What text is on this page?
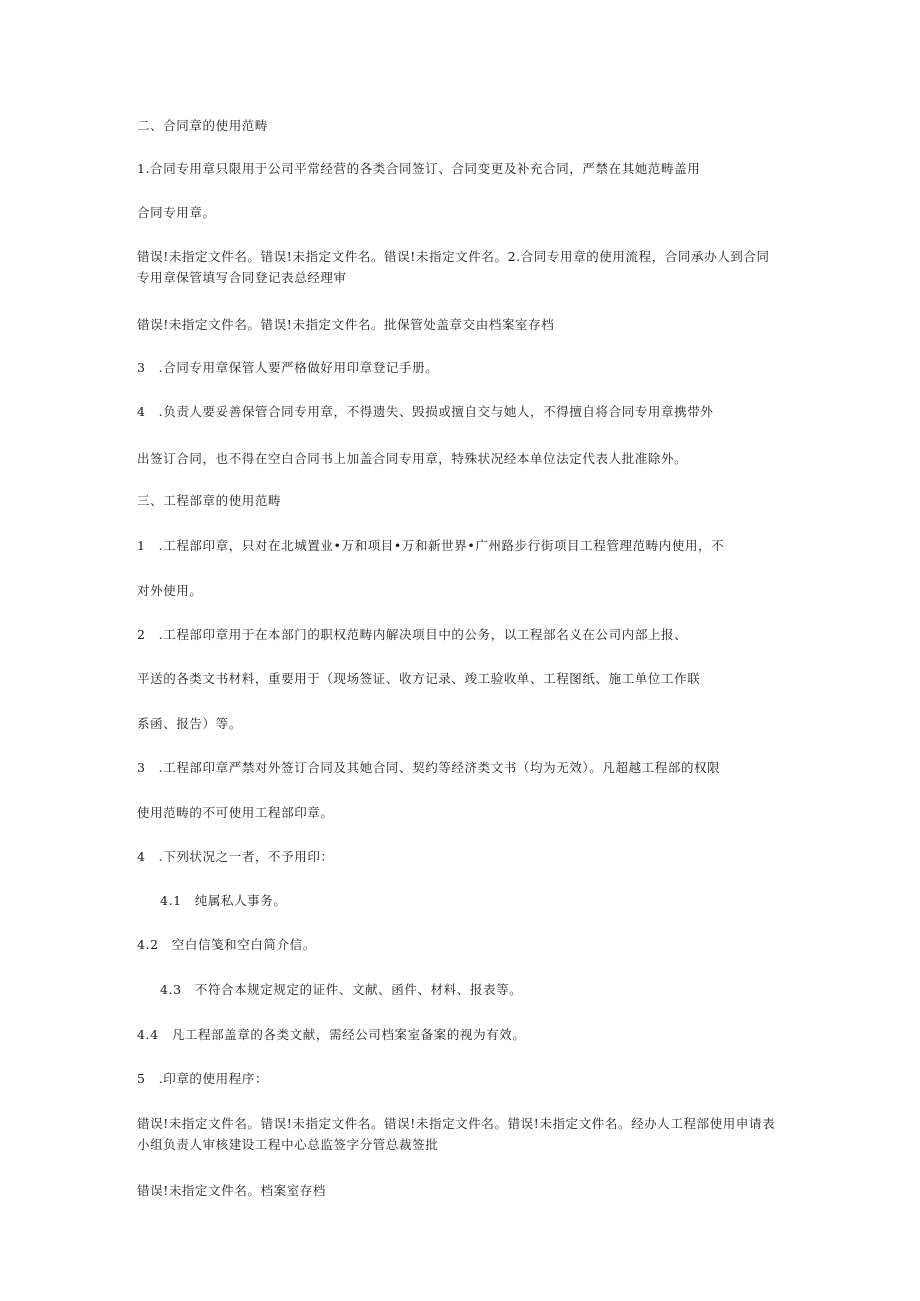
二、合同章的使用范畴
1.合同专用章只限用于公司平常经营的各类合同签订、合同变更及补充合同，严禁在其她范畴盖用
合同专用章。
错误!未指定文件名。错误!未指定文件名。错误!未指定文件名。2.合同专用章的使用流程，合同承办人到合同专用章保管填写合同登记表总经理审
错误!未指定文件名。错误!未指定文件名。批保管处盖章交由档案室存档
3　.合同专用章保管人要严格做好用印章登记手册。
4　.负责人要妥善保管合同专用章，不得遗失、毁损或擅自交与她人，不得擅自将合同专用章携带外
出签订合同，也不得在空白合同书上加盖合同专用章，特殊状况经本单位法定代表人批准除外。
三、工程部章的使用范畴
1　.工程部印章，只对在北城置业•万和项目•万和新世界•广州路步行街项目工程管理范畴内使用，不
对外使用。
2　.工程部印章用于在本部门的职权范畴内解决项目中的公务，以工程部名义在公司内部上报、
平送的各类文书材料，重要用于（现场签证、收方记录、竣工验收单、工程图纸、施工单位工作联
系函、报告）等。
3　.工程部印章严禁对外签订合同及其她合同、契约等经济类文书（均为无效）。凡超越工程部的权限
使用范畴的不可使用工程部印章。
4　.下列状况之一者，不予用印：
4.1　纯属私人事务。
4.2　空白信笺和空白简介信。
4.3　不符合本规定规定的证件、文献、函件、材料、报表等。
4.4　凡工程部盖章的各类文献，需经公司档案室备案的视为有效。
5　.印章的使用程序：
错误!未指定文件名。错误!未指定文件名。错误!未指定文件名。错误!未指定文件名。经办人工程部使用申请表小组负责人审核建设工程中心总监签字分管总裁签批
错误!未指定文件名。档案室存档
